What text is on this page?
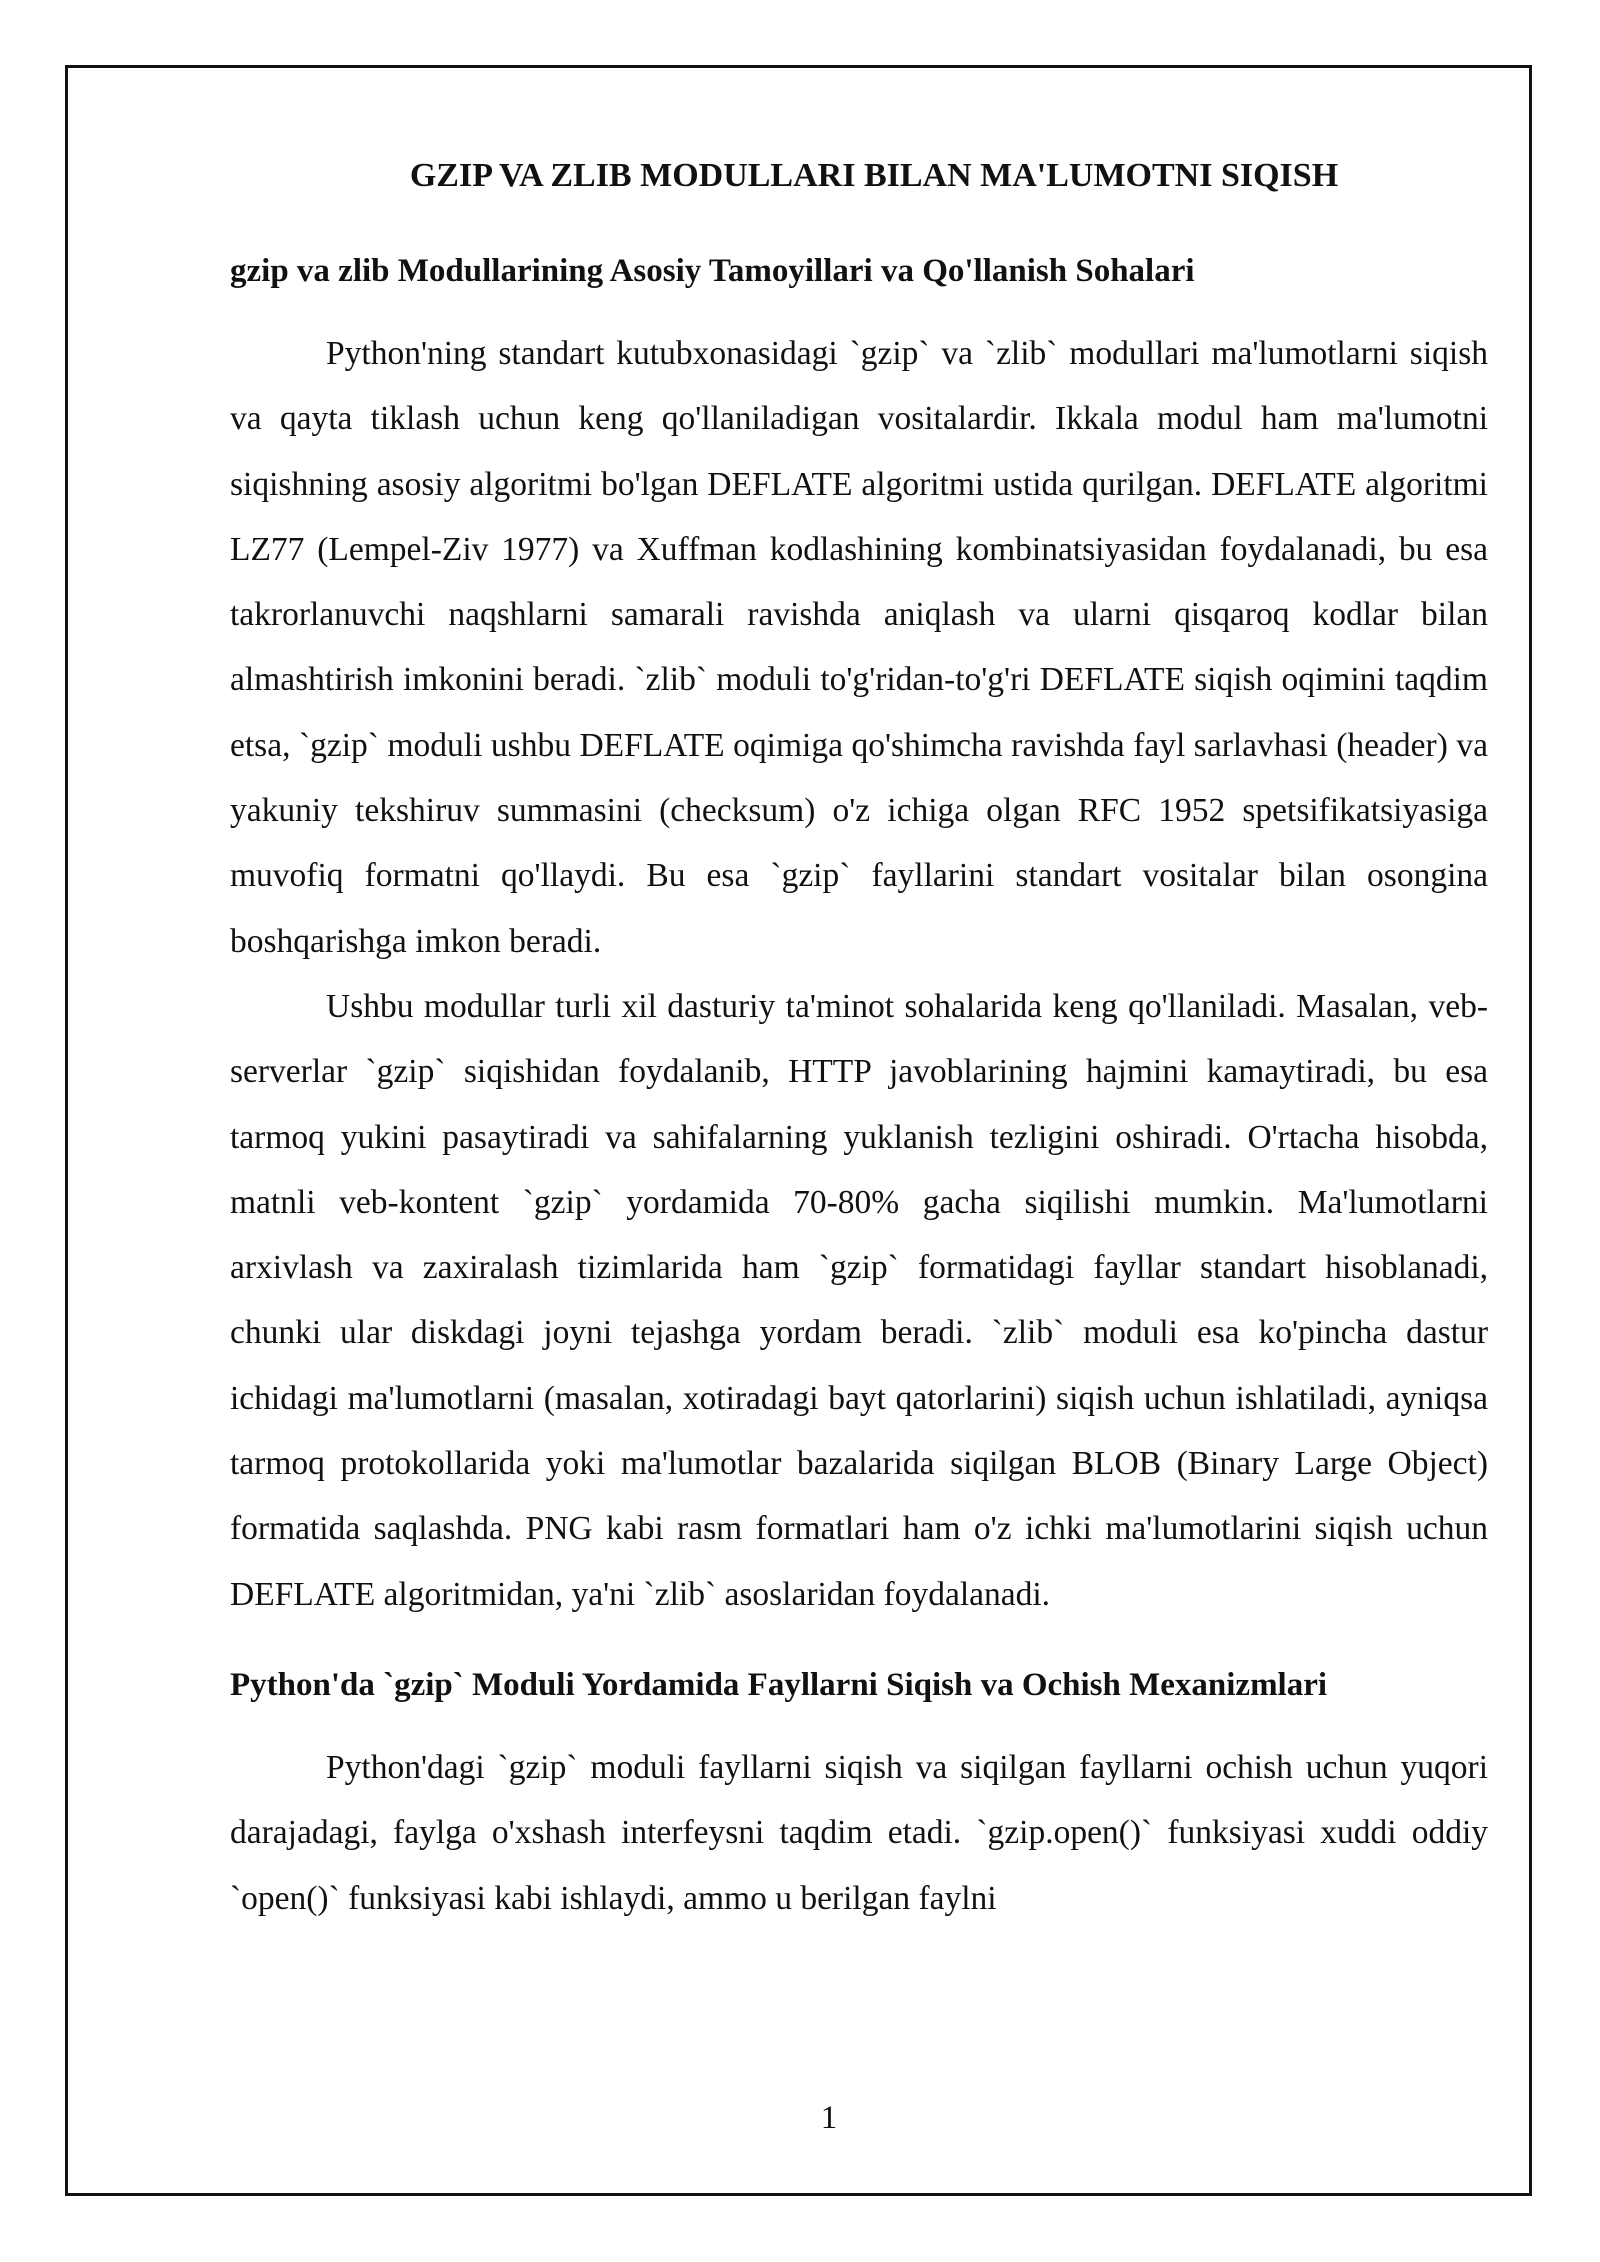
GZIP VA ZLIB MODULLARI BILAN MA'LUMOTNI SIQISH
gzip va zlib Modullarining Asosiy Tamoyillari va Qo'llanish Sohalari

Python'ning standart kutubxonasidagi `gzip` va `zlib` modullari ma'lumotlarni siqish va qayta tiklash uchun keng qo'llaniladigan vositalardir. Ikkala modul ham ma'lumotni siqishning asosiy algoritmi bo'lgan DEFLATE algoritmi ustida qurilgan. DEFLATE algoritmi LZ77 (Lempel-Ziv 1977) va Xuffman kodlashining kombinatsiyasidan foydalanadi, bu esa takrorlanuvchi naqshlarni samarali ravishda aniqlash va ularni qisqaroq kodlar bilan almashtirish imkonini beradi. `zlib` moduli to'g'ridan-to'g'ri DEFLATE siqish oqimini taqdim etsa, `gzip` moduli ushbu DEFLATE oqimiga qo'shimcha ravishda fayl sarlavhasi (header) va yakuniy tekshiruv summasini (checksum) o'z ichiga olgan RFC 1952 spetsifikatsiyasiga muvofiq formatni qo'llaydi. Bu esa `gzip` fayllarini standart vositalar bilan osongina boshqarishga imkon beradi.

Ushbu modullar turli xil dasturiy ta'minot sohalarida keng qo'llaniladi. Masalan, veb-serverlar `gzip` siqishidan foydalanib, HTTP javoblarining hajmini kamaytiradi, bu esa tarmoq yukini pasaytiradi va sahifalarning yuklanish tezligini oshiradi. O'rtacha hisobda, matnli veb-kontent `gzip` yordamida 70-80% gacha siqilishi mumkin. Ma'lumotlarni arxivlash va zaxiralash tizimlarida ham `gzip` formatidagi fayllar standart hisoblanadi, chunki ular diskdagi joyni tejashga yordam beradi. `zlib` moduli esa ko'pincha dastur ichidagi ma'lumotlarni (masalan, xotiradagi bayt qatorlarini) siqish uchun ishlatiladi, ayniqsa tarmoq protokollarida yoki ma'lumotlar bazalarida siqilgan BLOB (Binary Large Object) formatida saqlashda. PNG kabi rasm formatlari ham o'z ichki ma'lumotlarini siqish uchun DEFLATE algoritmidan, ya'ni `zlib` asoslaridan foydalanadi.

Python'da `gzip` Moduli Yordamida Fayllarni Siqish va Ochish Mexanizmlari

Python'dagi `gzip` moduli fayllarni siqish va siqilgan fayllarni ochish uchun yuqori darajadagi, faylga o'xshash interfeysni taqdim etadi. `gzip.open()` funksiyasi xuddi oddiy `open()` funksiyasi kabi ishlaydi, ammo u berilgan faylni

1
